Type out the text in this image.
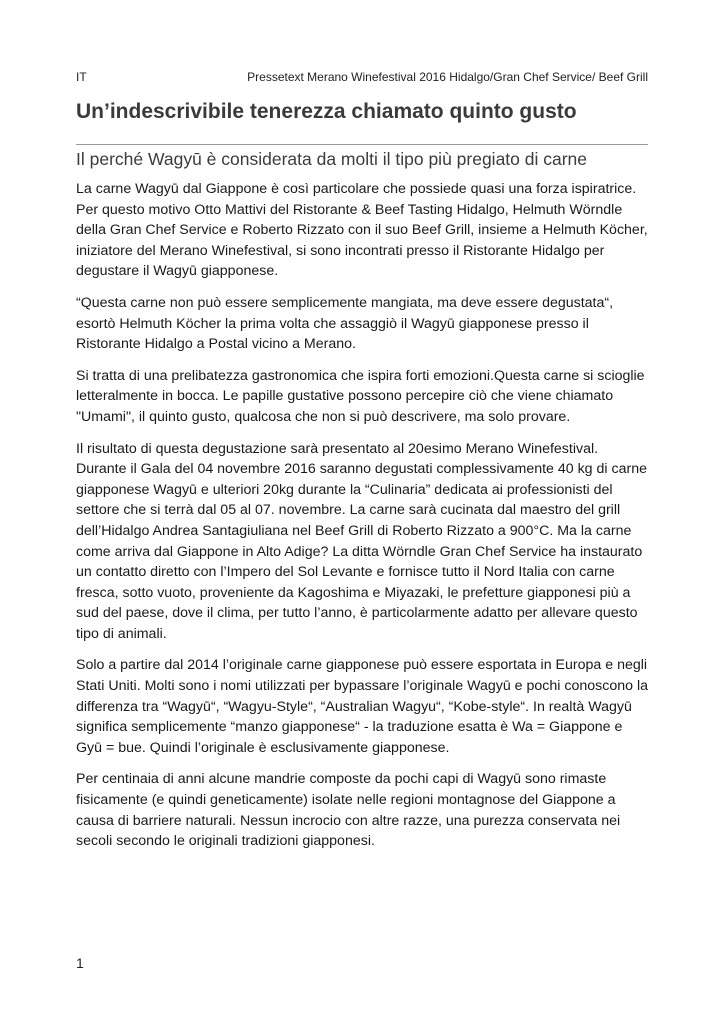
IT	Pressetext Merano Winefestival 2016 Hidalgo/Gran Chef Service/ Beef Grill
Un’indescrivibile tenerezza chiamato quinto gusto
Il perché Wagyū è considerata da molti il tipo più pregiato di carne

La carne Wagyū dal Giappone è così particolare che possiede quasi una forza ispiratrice. Per questo motivo Otto Mattivi del Ristorante & Beef Tasting Hidalgo, Helmuth Wörndle della Gran Chef Service e Roberto Rizzato con il suo Beef Grill, insieme a Helmuth Köcher, iniziatore del Merano Winefestival, si sono incontrati presso il Ristorante Hidalgo per degustare il Wagyū giapponese.

“Questa carne non può essere semplicemente mangiata, ma deve essere degustata“, esortò Helmuth Köcher la prima volta che assaggiò il Wagyū giapponese presso il Ristorante Hidalgo a Postal vicino a Merano.

Si tratta di una prelibatezza gastronomica che ispira forti emozioni.Questa carne si scioglie letteralmente in bocca. Le papille gustative possono percepire ciò che viene chiamato "Umami", il quinto gusto, qualcosa che non si può descrivere, ma solo provare.

Il risultato di questa degustazione sarà presentato al 20esimo Merano Winefestival. Durante il Gala del 04 novembre 2016 saranno degustati complessivamente 40 kg di carne giapponese Wagyū e ulteriori 20kg durante la “Culinaria” dedicata ai professionisti del settore che si terrà dal 05 al 07. novembre. La carne sarà cucinata dal maestro del grill dell’Hidalgo Andrea Santagiuliana nel Beef Grill di Roberto Rizzato a 900°C. Ma la carne come arriva dal Giappone in Alto Adige? La ditta Wörndle Gran Chef Service ha instaurato un contatto diretto con l’Impero del Sol Levante e fornisce tutto il Nord Italia con carne fresca, sotto vuoto, proveniente da Kagoshima e Miyazaki, le prefetture giapponesi più a sud del paese, dove il clima, per tutto l’anno, è particolarmente adatto per allevare questo tipo di animali.

Solo a partire dal 2014 l’originale carne giapponese può essere esportata in Europa e negli Stati Uniti. Molti sono i nomi utilizzati per bypassare l’originale Wagyū e pochi conoscono la differenza tra “Wagyū“, “Wagyu-Style“, “Australian Wagyu“, “Kobe-style“. In realtà Wagyū significa semplicemente “manzo giapponese“ - la traduzione esatta è Wa = Giappone e Gyū = bue. Quindi l’originale è esclusivamente giapponese.

Per centinaia di anni alcune mandrie composte da pochi capi di Wagyū sono rimaste fisicamente (e quindi geneticamente) isolate nelle regioni montagnose del Giappone a causa di barriere naturali. Nessun incrocio con altre razze, una purezza conservata nei secoli secondo le originali tradizioni giapponesi.

1
